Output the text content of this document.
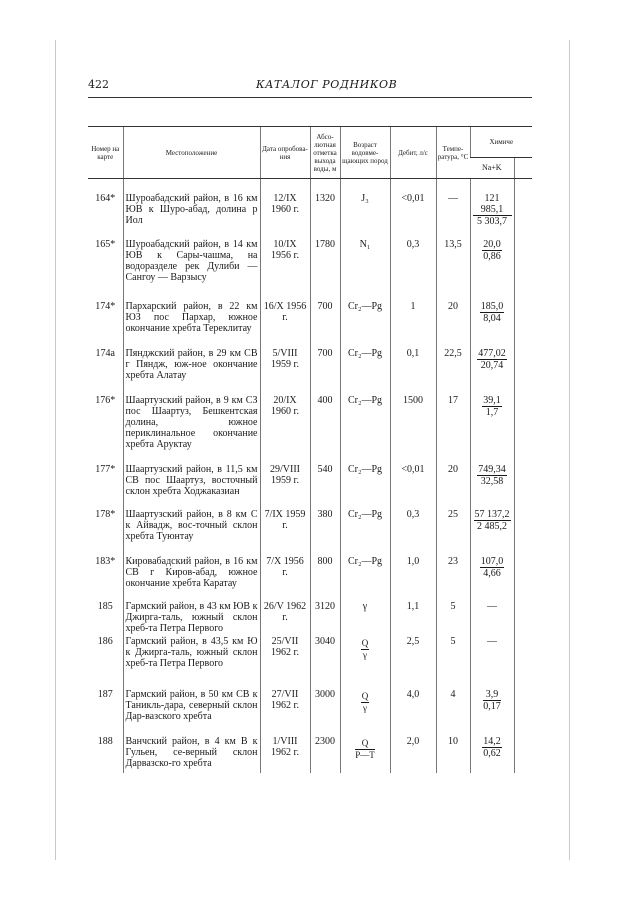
422	КАТАЛОГ РОДНИКОВ
Номер на карте	Местоположение	Дата опробова-ния	Абсо-лютная отметка выхода воды, м	Возраст водовме-щающих пород	Дебит, л/с	Темпе-ратура, °С	Химиче	
							Na+K	
164*	Шуроабадский район, в 16 км ЮВ к Шуро-абад, долина р Иол	12/IX 1960 г.	1320	J₃	<0,01	—	$\frac{121 985,1}{5 303,7}$

165*	Шуроабадский район, в 14 км ЮВ к Сары-чашма, на водоразделе рек Дулиби — Сангоу — Варзысу	10/IX 1956 г.	1780	N₁	0,3	13,5	$\frac{20,0}{0,86}$

174*	Пархарский район, в 22 км ЮЗ пос Пархар, южное окончание хребта Тереклитау	16/X 1956 г.	700	Cr₂—Pg	1	20	$\frac{185,0}{8,04}$

174а	Пянджский район, в 29 км СВ г Пяндж, юж-ное окончание хребта Алатау	5/VIII 1959 г.	700	Cr₂—Pg	0,1	22,5	$\frac{477,02}{20,74}$

176*	Шаартузский район, в 9 км СЗ пос Шаартуз, Бешкентская долина, южное периклинальное окончание хребта Аруктау	20/IX 1960 г.	400	Cr₂—Pg	1500	17	$\frac{39,1}{1,7}$

177*	Шаартузский район, в 11,5 км СВ пос Шаартуз, восточный склон хребта Ходжаказиан	29/VIII 1959 г.	540	Cr₂—Pg	<0,01	20	$\frac{749,34}{32,58}$

178*	Шаартузский район, в 8 км С к Айвадж, вос-точный склон хребта Туюнтау	7/IX 1959 г.	380	Cr₂—Pg	0,3	25	$\frac{57 137,2}{2 485,2}$

183*	Кировабадский район, в 16 км СВ г Киров-абад, южное окончание хребта Каратау	7/X 1956 г.	800	Cr₂—Pg	1,0	23	$\frac{107,0}{4,66}$

185	Гармский район, в 43 км ЮВ к Джирга-таль, южный склон хреб-та Петра Первого	26/V 1962 г.	3120	γ	1,1	5	—	
186	Гармский район, в 43,5 км Ю к Джирга-таль, южный склон хреб-та Петра Первого	25/VII 1962 г.	3040	$\frac{Q}{\gamma}$	2,5	5	—	
187	Гармский район, в 50 км СВ к Таникль-дара, северный склон Дар-вазского хребта	27/VII 1962 г.	3000	$\frac{Q}{\gamma}$	4,0	4	$\frac{3,9}{0,17}$

188	Ванчский район, в 4 км В к Гульен, се-верный склон Дарвазско-го хребта	1/VIII 1962 г.	2300	$\frac{Q}{P—T}$	2,0	10	$\frac{14,2}{0,62}$
